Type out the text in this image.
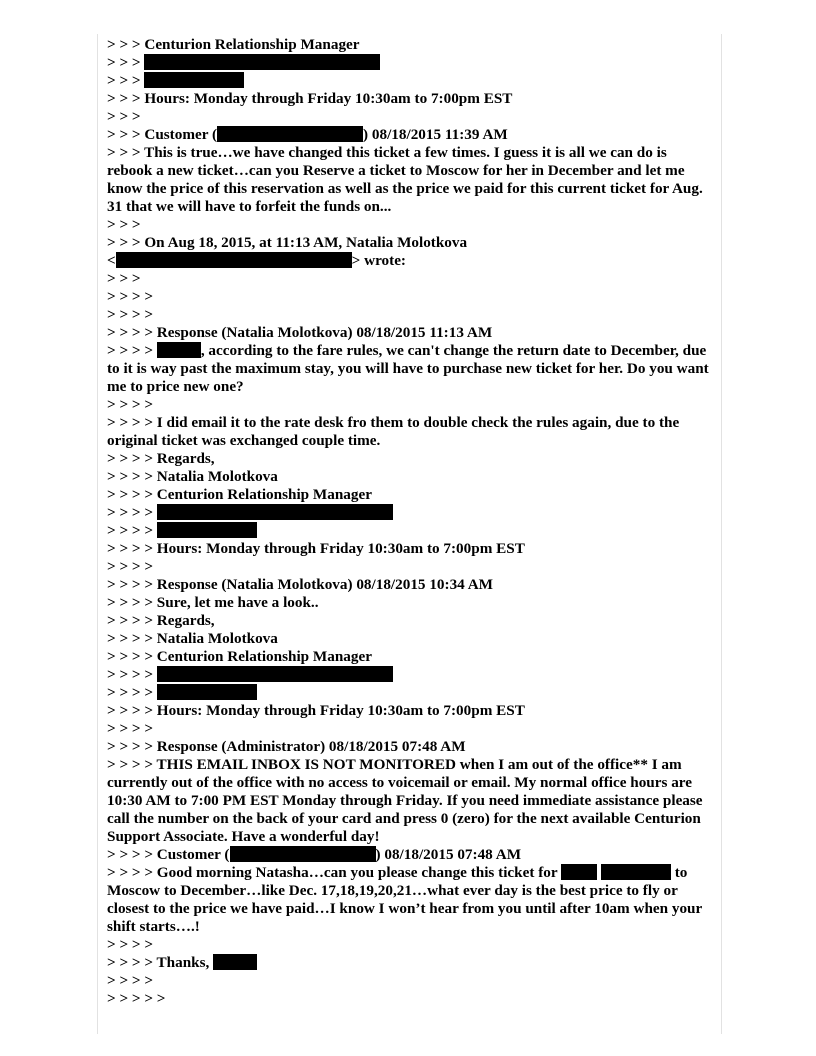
> > > Centurion Relationship Manager
> > >
> > >
> > > Hours: Monday through Friday 10:30am to 7:00pm EST
> > >
> > > Customer (	) 08/18/2015 11:39 AM
> > > This is true…we have changed this ticket a few times. I guess it is all we can do is rebook a new ticket…can you Reserve a ticket to Moscow for her in December and let me know the price of this reservation as well as the price we paid for this current ticket for Aug. 31 that we will have to forfeit the funds on...
> > >
> > > On Aug 18, 2015, at 11:13 AM, Natalia Molotkova
<	> wrote:
> > >
> > > >
> > > >
> > > > Response (Natalia Molotkova) 08/18/2015 11:13 AM
> > > >	, according to the fare rules, we can't change the return date to December, due to it is way past the maximum stay, you will have to purchase new ticket for her. Do you want me to price new one?
> > > >
> > > > I did email it to the rate desk fro them to double check the rules again, due to the original ticket was exchanged couple time.
> > > > Regards,
> > > > Natalia Molotkova
> > > > Centurion Relationship Manager
> > > >
> > > >
> > > > Hours: Monday through Friday 10:30am to 7:00pm EST
> > > >
> > > > Response (Natalia Molotkova) 08/18/2015 10:34 AM
> > > > Sure, let me have a look..
> > > > Regards,
> > > > Natalia Molotkova
> > > > Centurion Relationship Manager
> > > >
> > > >
> > > > Hours: Monday through Friday 10:30am to 7:00pm EST
> > > >
> > > > Response (Administrator) 08/18/2015 07:48 AM
> > > > THIS EMAIL INBOX IS NOT MONITORED when I am out of the office** I am currently out of the office with no access to voicemail or email. My normal office hours are 10:30 AM to 7:00 PM EST Monday through Friday. If you need immediate assistance please call the number on the back of your card and press 0 (zero) for the next available Centurion Support Associate. Have a wonderful day!
> > > > Customer (	) 08/18/2015 07:48 AM
> > > > Good morning Natasha…can you please change this ticket for	to Moscow to December…like Dec. 17,18,19,20,21…what ever day is the best price to fly or closest to the price we have paid…I know I won’t hear from you until after 10am when your shift starts….!
> > > >
> > > > Thanks,
> > > >
> > > > >
